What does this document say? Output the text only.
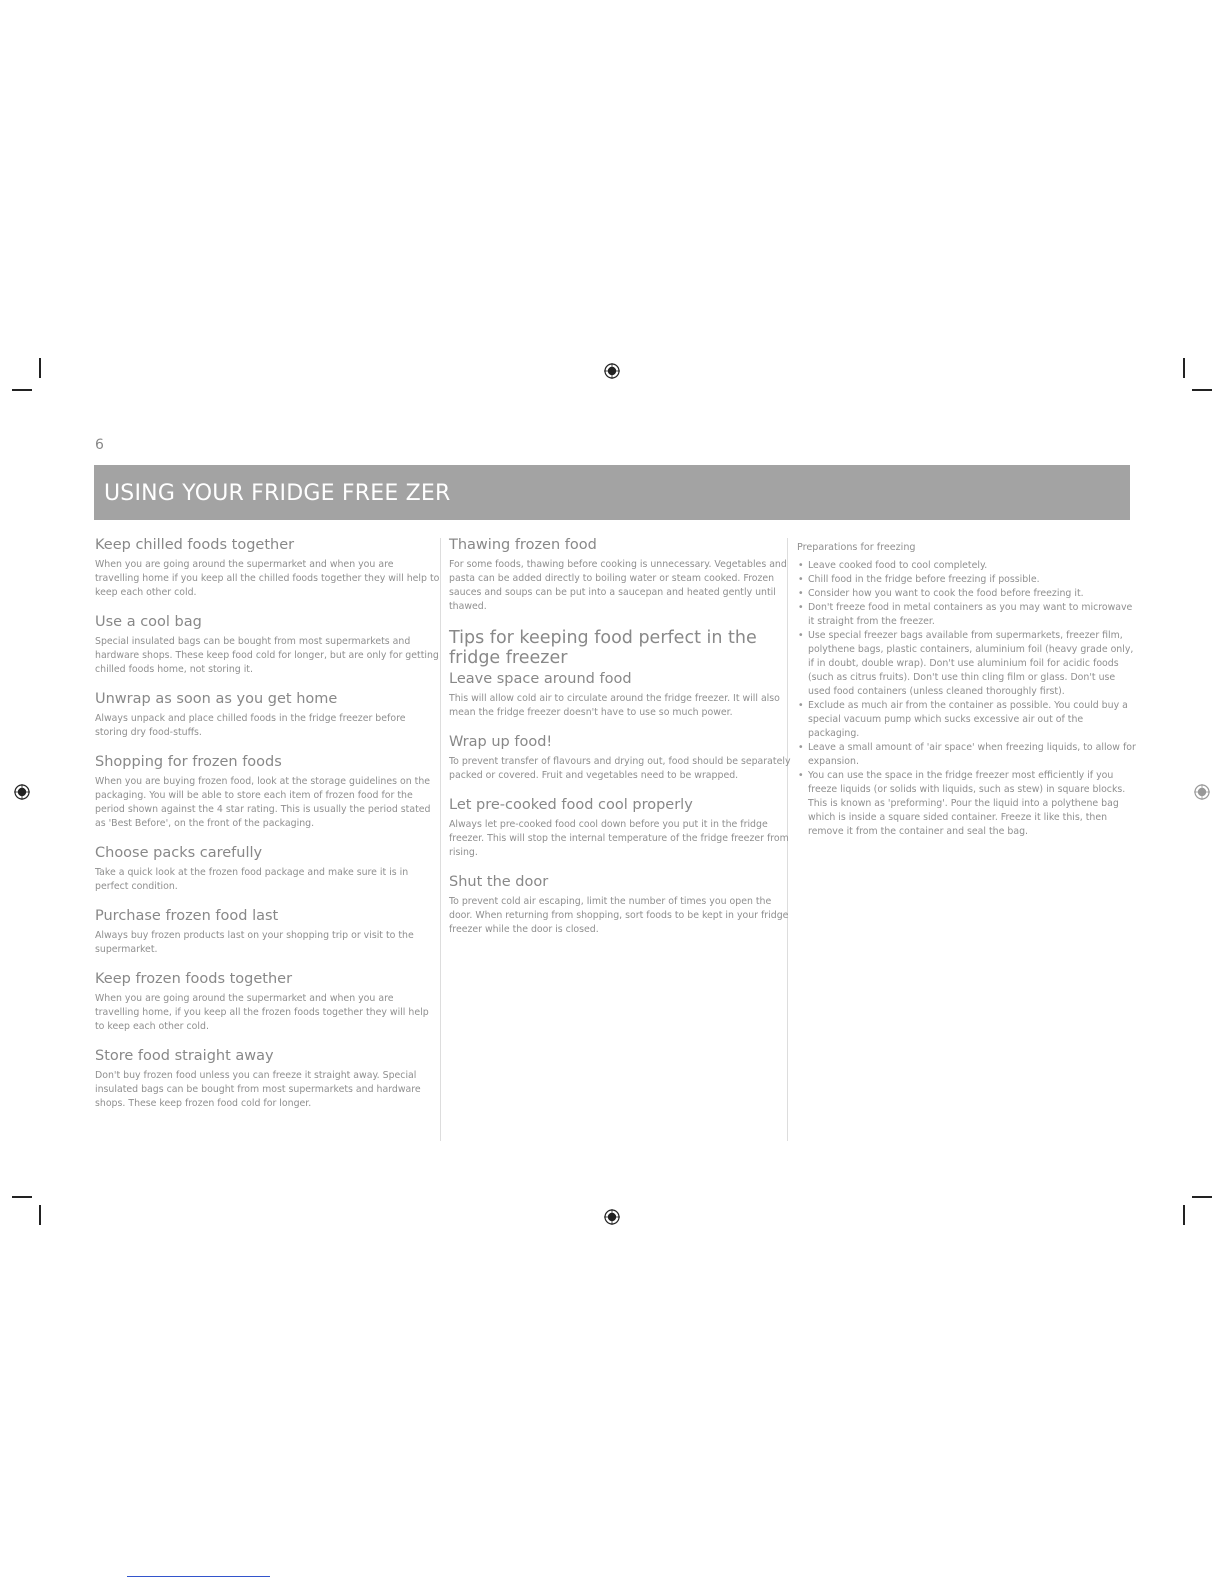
6
USING YOUR FRIDGE FREE ZER
Keep chilled foods together

When you are going around the supermarket and when you are travelling home if you keep all the chilled foods together they will help to keep each other cold.

Use a cool bag

Special insulated bags can be bought from most supermarkets and hardware shops. These keep food cold for longer, but are only for getting chilled foods home, not storing it.

Unwrap as soon as you get home

Always unpack and place chilled foods in the fridge freezer before storing dry food-stuffs.

Shopping for frozen foods

When you are buying frozen food, look at the storage guidelines on the packaging. You will be able to store each item of frozen food for the period shown against the 4 star rating. This is usually the period stated as 'Best Before', on the front of the packaging.

Choose packs carefully

Take a quick look at the frozen food package and make sure it is in perfect condition.

Purchase frozen food last

Always buy frozen products last on your shopping trip or visit to the supermarket.

Keep frozen foods together

When you are going around the supermarket and when you are travelling home, if you keep all the frozen foods together they will help to keep each other cold.

Store food straight away

Don't buy frozen food unless you can freeze it straight away. Special insulated bags can be bought from most supermarkets and hardware shops. These keep frozen food cold for longer.

Thawing frozen food

For some foods, thawing before cooking is unnecessary. Vegetables and pasta can be added directly to boiling water or steam cooked. Frozen sauces and soups can be put into a saucepan and heated gently until thawed.

Tips for keeping food perfect in the fridge freezer
Leave space around food

This will allow cold air to circulate around the fridge freezer. It will also mean the fridge freezer doesn't have to use so much power.

Wrap up food!

To prevent transfer of flavours and drying out, food should be separately packed or covered. Fruit and vegetables need to be wrapped.

Let pre-cooked food cool properly

Always let pre-cooked food cool down before you put it in the fridge freezer. This will stop the internal temperature of the fridge freezer from rising.

Shut the door

To prevent cold air escaping, limit the number of times you open the door. When returning from shopping, sort foods to be kept in your fridge freezer while the door is closed.

Preparations for freezing
• Leave cooked food to cool completely.
• Chill food in the fridge before freezing if possible.
• Consider how you want to cook the food before freezing it.
• Don't freeze food in metal containers as you may want to microwave it straight from the freezer.
• Use special freezer bags available from supermarkets, freezer film, polythene bags, plastic containers, aluminium foil (heavy grade only, if in doubt, double wrap). Don't use aluminium foil for acidic foods (such as citrus fruits). Don't use thin cling film or glass. Don't use used food containers (unless cleaned thoroughly first).
• Exclude as much air from the container as possible. You could buy a special vacuum pump which sucks excessive air out of the packaging.
• Leave a small amount of 'air space' when freezing liquids, to allow for expansion.
• You can use the space in the fridge freezer most efficiently if you freeze liquids (or solids with liquids, such as stew) in square blocks. This is known as 'preforming'. Pour the liquid into a polythene bag which is inside a square sided container. Freeze it like this, then remove it from the container and seal the bag.
